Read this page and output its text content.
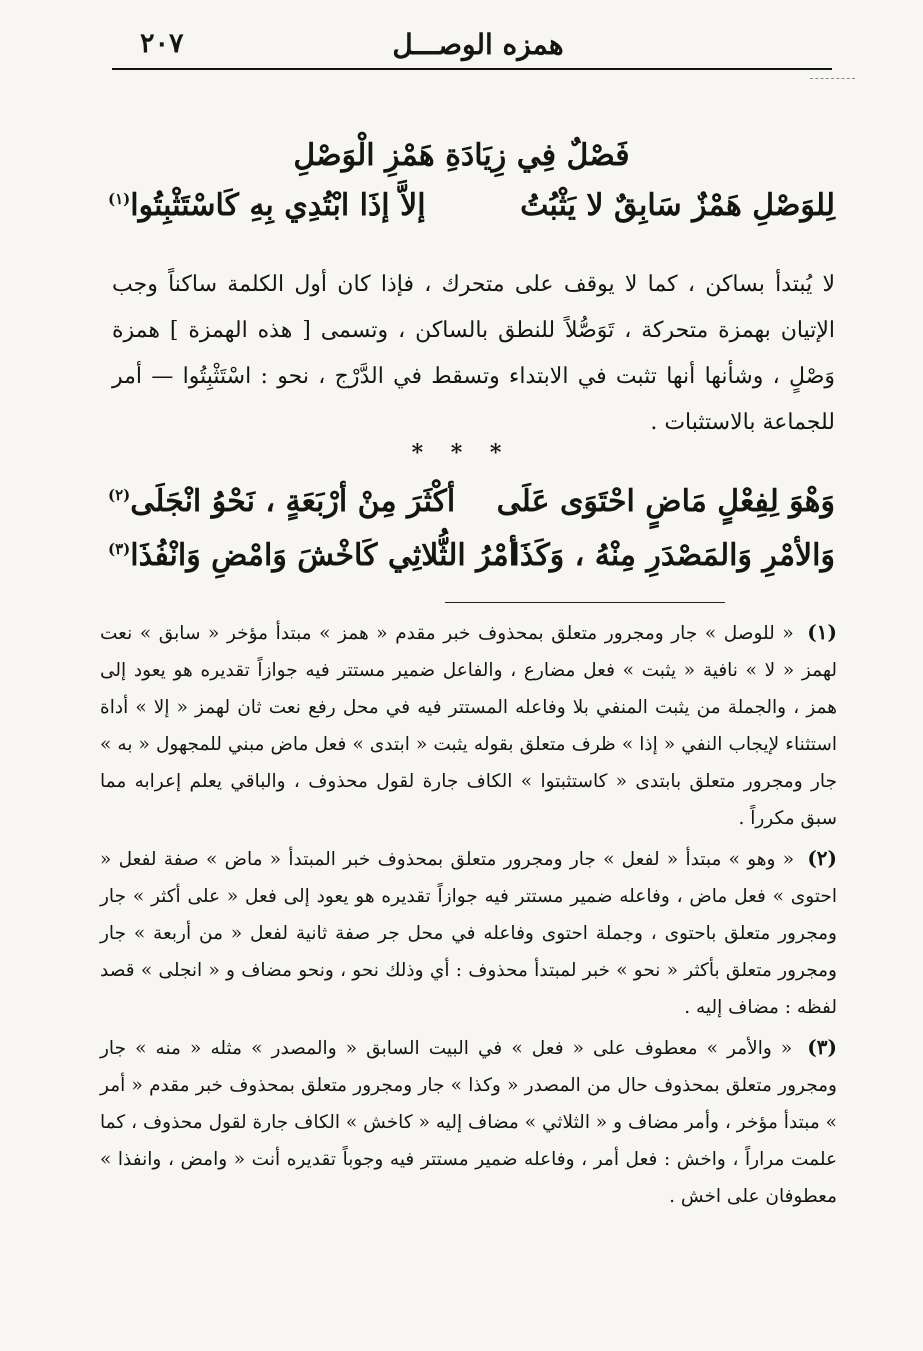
همزه الوصـــل
٢٠٧
فَصْلٌ فِي زِيَادَةِ هَمْزِ الْوَصْلِ
لِلوَصْلِ هَمْزٌ سَابِقٌ لا يَثْبُتُ
إلاَّ إذَا ابْتُدِي بِهِ كَاسْتَثْبِتُوا$^{(١)}$

لا يُبتدأ بساكن ، كما لا يوقف على متحرك ، فإذا كان أول الكلمة ساكناً وجب الإتيان بهمزة متحركة ، تَوَصُّلاً للنطق بالساكن ، وتسمى [ هذه الهمزة ] همزة وَصْلٍ ، وشأنها أنها تثبت في الابتداء وتسقط في الدَّرْج ، نحو : اسْتَثْبِتُوا — أمر للجماعة بالاستثبات .

* * *
وَهْوَ لِفِعْلٍ مَاضٍ احْتَوَى عَلَى
أكْثَرَ مِنْ أرْبَعَةٍ ، نَحْوُ انْجَلَى$^{(٢)}$
وَالأمْرِ وَالمَصْدَرِ مِنْهُ ، وَكَذَا
أمْرُ الثُّلاثِي كَاخْشَ وَامْضِ وَانْفُذَا$^{(٣)}$

(١) « للوصل » جار ومجرور متعلق بمحذوف خبر مقدم « همز » مبتدأ مؤخر « سابق » نعت لهمز « لا » نافية « يثبت » فعل مضارع ، والفاعل ضمير مستتر فيه جوازاً تقديره هو يعود إلى همز ، والجملة من يثبت المنفي بلا وفاعله المستتر فيه في محل رفع نعت ثان لهمز « إلا » أداة استثناء لإيجاب النفي « إذا » ظرف متعلق بقوله يثبت « ابتدى » فعل ماض مبني للمجهول « به » جار ومجرور متعلق بابتدى « كاستثبتوا » الكاف جارة لقول محذوف ، والباقي يعلم إعرابه مما سبق مكرراً .

(٢) « وهو » مبتدأ « لفعل » جار ومجرور متعلق بمحذوف خبر المبتدأ « ماض » صفة لفعل « احتوى » فعل ماض ، وفاعله ضمير مستتر فيه جوازاً تقديره هو يعود إلى فعل « على أكثر » جار ومجرور متعلق باحتوى ، وجملة احتوى وفاعله في محل جر صفة ثانية لفعل « من أربعة » جار ومجرور متعلق بأكثر « نحو » خبر لمبتدأ محذوف : أي وذلك نحو ، ونحو مضاف و « انجلى » قصد لفظه : مضاف إليه .

(٣) « والأمر » معطوف على « فعل » في البيت السابق « والمصدر » مثله « منه » جار ومجرور متعلق بمحذوف حال من المصدر « وكذا » جار ومجرور متعلق بمحذوف خبر مقدم « أمر » مبتدأ مؤخر ، وأمر مضاف و « الثلاثي » مضاف إليه « كاخش » الكاف جارة لقول محذوف ، كما علمت مراراً ، واخش : فعل أمر ، وفاعله ضمير مستتر فيه وجوباً تقديره أنت « وامض ، وانفذا » معطوفان على اخش .
